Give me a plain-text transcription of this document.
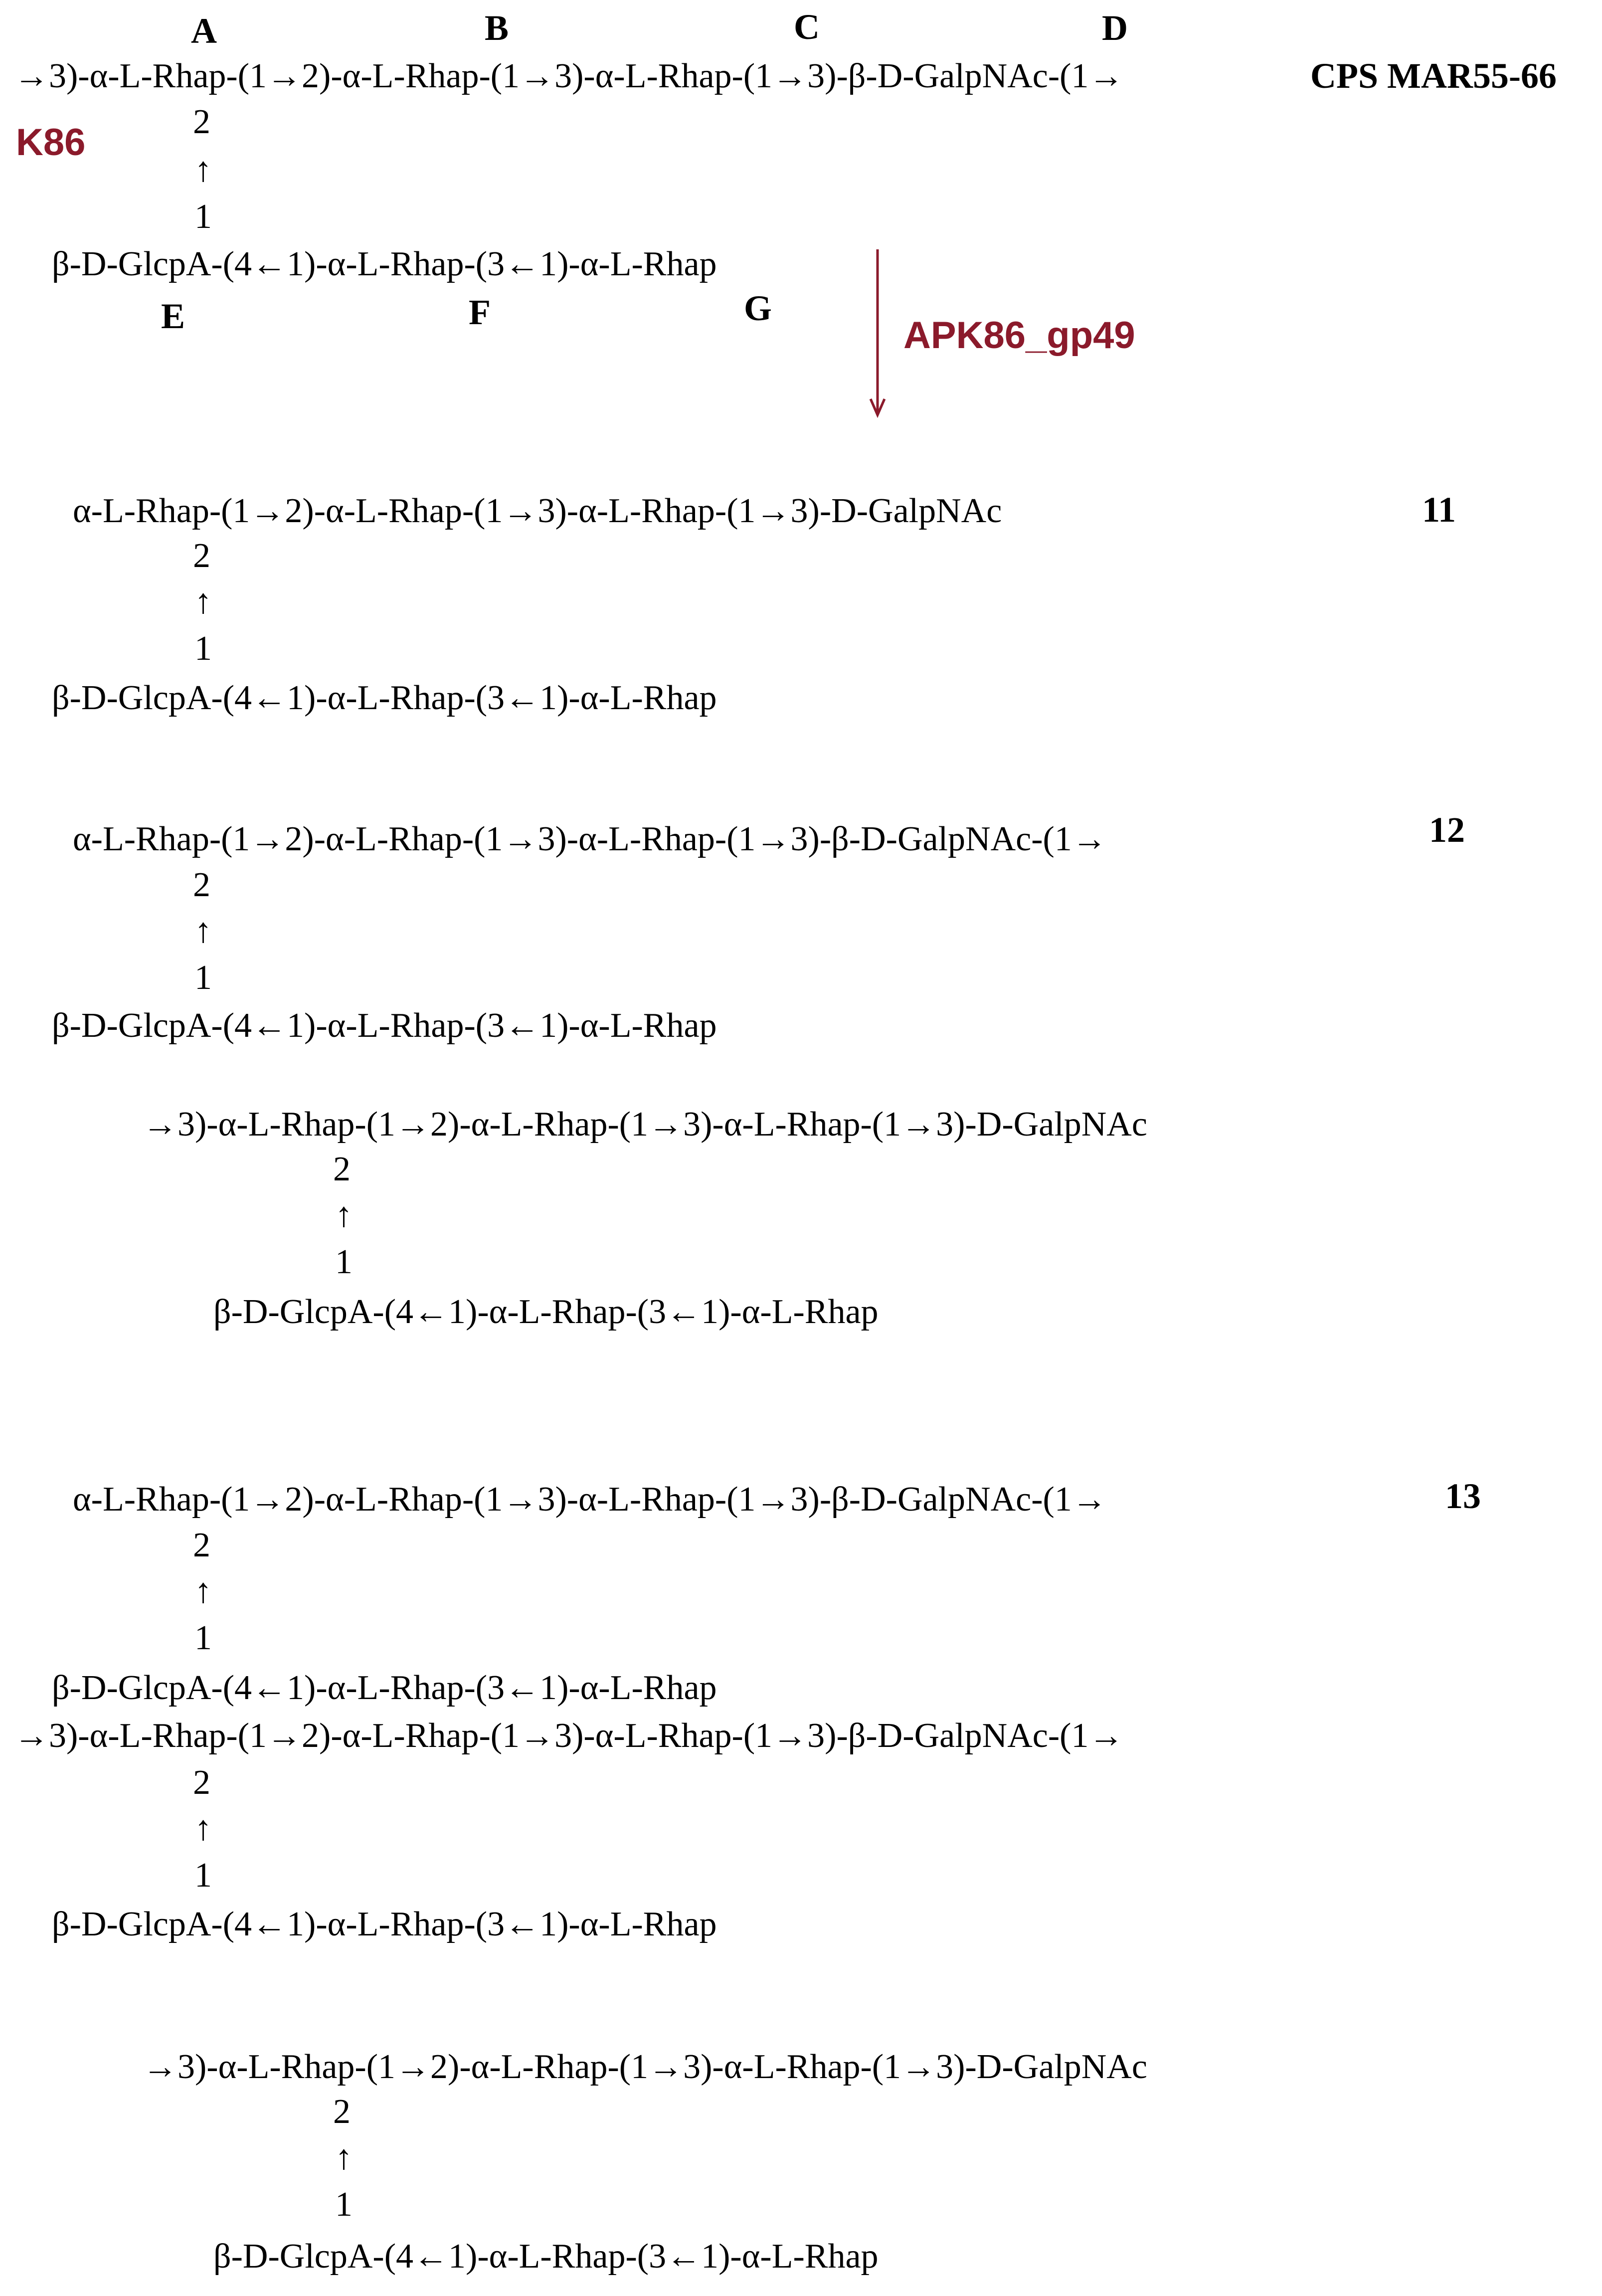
A	B	C	D
→3)-α-L-Rhap-(1→2)-α-L-Rhap-(1→3)-α-L-Rhap-(1→3)-β-D-GalpNAc-(1→	CPS MAR55-66
K86	2
↑
1
β-D-GlcpA-(4←1)-α-L-Rhap-(3←1)-α-L-Rhap
E	F	G
APK86_gp49
α-L-Rhap-(1→2)-α-L-Rhap-(1→3)-α-L-Rhap-(1→3)-D-GalpNAc	11
2
↑
1
β-D-GlcpA-(4←1)-α-L-Rhap-(3←1)-α-L-Rhap
α-L-Rhap-(1→2)-α-L-Rhap-(1→3)-α-L-Rhap-(1→3)-β-D-GalpNAc-(1→	12
2
↑
1
β-D-GlcpA-(4←1)-α-L-Rhap-(3←1)-α-L-Rhap
→3)-α-L-Rhap-(1→2)-α-L-Rhap-(1→3)-α-L-Rhap-(1→3)-D-GalpNAc
2
↑
1
β-D-GlcpA-(4←1)-α-L-Rhap-(3←1)-α-L-Rhap
α-L-Rhap-(1→2)-α-L-Rhap-(1→3)-α-L-Rhap-(1→3)-β-D-GalpNAc-(1→	13
2
↑
1
β-D-GlcpA-(4←1)-α-L-Rhap-(3←1)-α-L-Rhap
→3)-α-L-Rhap-(1→2)-α-L-Rhap-(1→3)-α-L-Rhap-(1→3)-β-D-GalpNAc-(1→
2
↑
1
β-D-GlcpA-(4←1)-α-L-Rhap-(3←1)-α-L-Rhap
→3)-α-L-Rhap-(1→2)-α-L-Rhap-(1→3)-α-L-Rhap-(1→3)-D-GalpNAc
2
↑
1
β-D-GlcpA-(4←1)-α-L-Rhap-(3←1)-α-L-Rhap
